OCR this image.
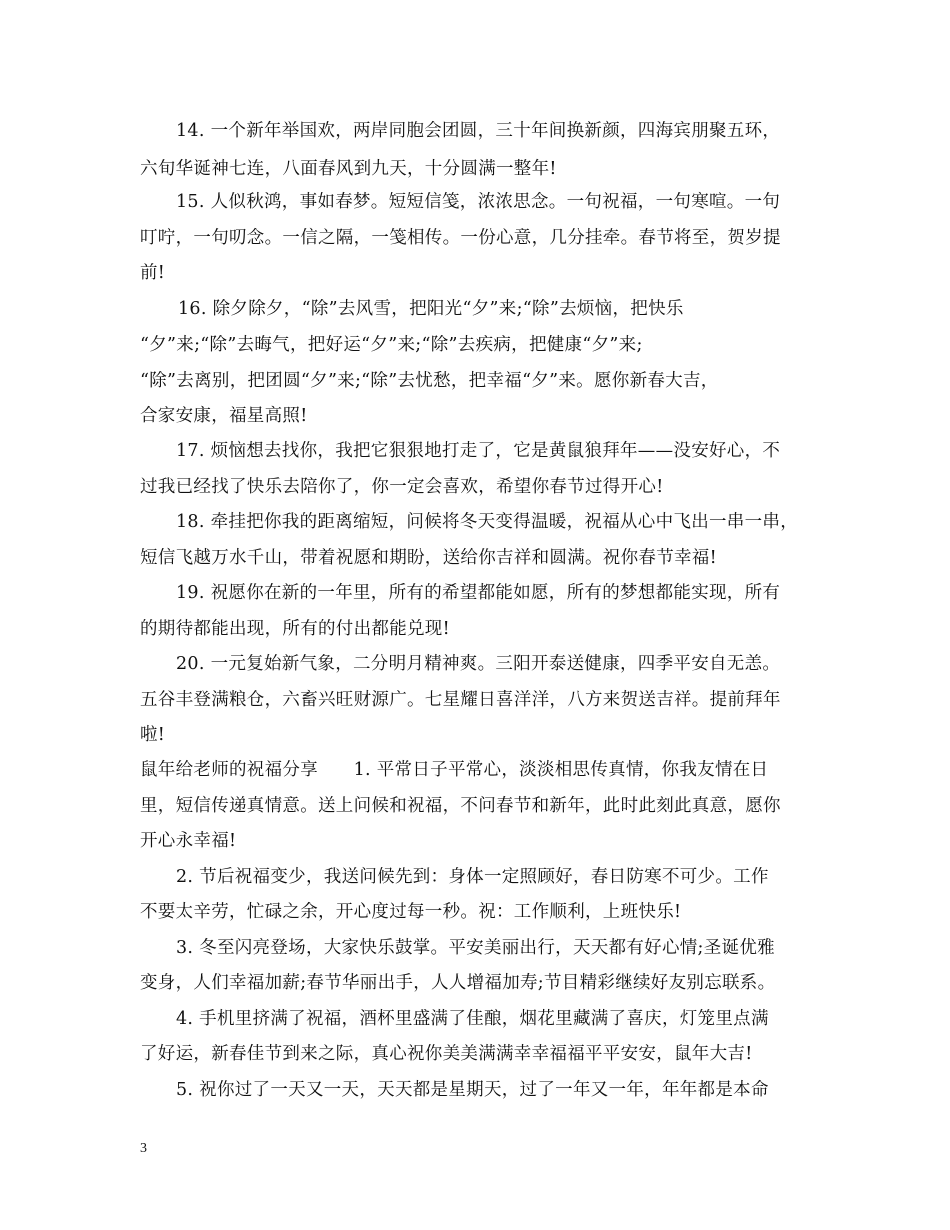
14. 一个新年举国欢，两岸同胞会团圆，三十年间换新颜，四海宾朋聚五环，
六旬华诞神七连，八面春风到九天，十分圆满一整年!
15. 人似秋鸿，事如春梦。短短信笺，浓浓思念。一句祝福，一句寒喧。一句
叮咛，一句叨念。一信之隔，一笺相传。一份心意，几分挂牵。春节将至，贺岁提
前!
16. 除夕除夕，“除”去风雪，把阳光“夕”来;“除”去烦恼，把快乐
“夕”来;“除”去晦气，把好运“夕”来;“除”去疾病，把健康“夕”来;
“除”去离别，把团圆“夕”来;“除”去忧愁，把幸福“夕”来。愿你新春大吉，
合家安康，福星高照!
17. 烦恼想去找你，我把它狠狠地打走了，它是黄鼠狼拜年——没安好心，不
过我已经找了快乐去陪你了，你一定会喜欢，希望你春节过得开心!
18. 牵挂把你我的距离缩短，问候将冬天变得温暖，祝福从心中飞出一串一串，
短信飞越万水千山，带着祝愿和期盼，送给你吉祥和圆满。祝你春节幸福!
19. 祝愿你在新的一年里，所有的希望都能如愿，所有的梦想都能实现，所有
的期待都能出现，所有的付出都能兑现!
20. 一元复始新气象，二分明月精神爽。三阳开泰送健康，四季平安自无恙。
五谷丰登满粮仓，六畜兴旺财源广。七星耀日喜洋洋，八方来贺送吉祥。提前拜年
啦!
鼠年给老师的祝福分享　　1. 平常日子平常心，淡淡相思传真情，你我友情在日
里，短信传递真情意。送上问候和祝福，不问春节和新年，此时此刻此真意，愿你
开心永幸福!
2. 节后祝福变少，我送问候先到：身体一定照顾好，春日防寒不可少。工作
不要太辛劳，忙碌之余，开心度过每一秒。祝：工作顺利，上班快乐!
3. 冬至闪亮登场，大家快乐鼓掌。平安美丽出行，天天都有好心情;圣诞优雅
变身，人们幸福加薪;春节华丽出手，人人增福加寿;节目精彩继续好友别忘联系。
4. 手机里挤满了祝福，酒杯里盛满了佳酿，烟花里藏满了喜庆，灯笼里点满
了好运，新春佳节到来之际，真心祝你美美满满幸幸福福平平安安，鼠年大吉!
5. 祝你过了一天又一天，天天都是星期天，过了一年又一年，年年都是本命
3
